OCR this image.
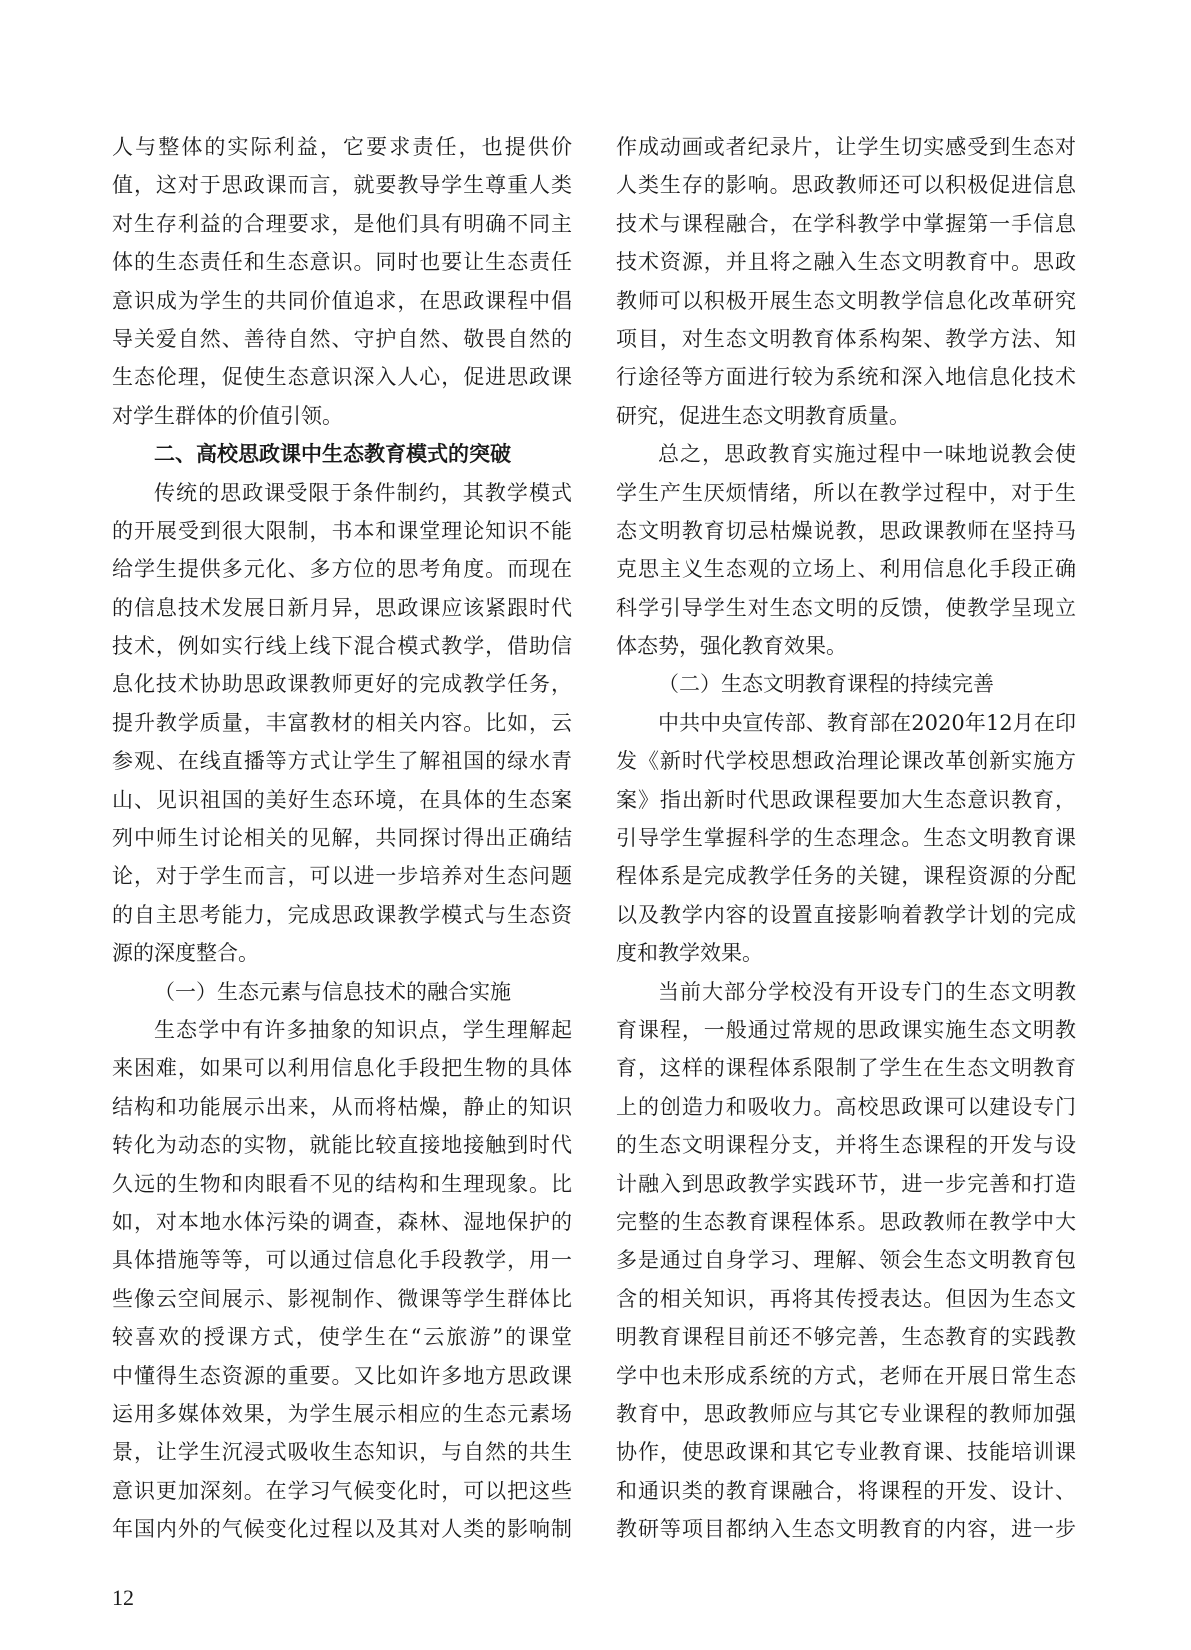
人与整体的实际利益，它要求责任，也提供价
值，这对于思政课而言，就要教导学生尊重人类
对生存利益的合理要求，是他们具有明确不同主
体的生态责任和生态意识。同时也要让生态责任
意识成为学生的共同价值追求，在思政课程中倡
导关爱自然、善待自然、守护自然、敬畏自然的
生态伦理，促使生态意识深入人心，促进思政课
对学生群体的价值引领。
二、高校思政课中生态教育模式的突破
传统的思政课受限于条件制约，其教学模式
的开展受到很大限制，书本和课堂理论知识不能
给学生提供多元化、多方位的思考角度。而现在
的信息技术发展日新月异，思政课应该紧跟时代
技术，例如实行线上线下混合模式教学，借助信
息化技术协助思政课教师更好的完成教学任务，
提升教学质量，丰富教材的相关内容。比如，云
参观、在线直播等方式让学生了解祖国的绿水青
山、见识祖国的美好生态环境，在具体的生态案
列中师生讨论相关的见解，共同探讨得出正确结
论，对于学生而言，可以进一步培养对生态问题
的自主思考能力，完成思政课教学模式与生态资
源的深度整合。
（一）生态元素与信息技术的融合实施
生态学中有许多抽象的知识点，学生理解起
来困难，如果可以利用信息化手段把生物的具体
结构和功能展示出来，从而将枯燥，静止的知识
转化为动态的实物，就能比较直接地接触到时代
久远的生物和肉眼看不见的结构和生理现象。比
如，对本地水体污染的调查，森林、湿地保护的
具体措施等等，可以通过信息化手段教学，用一
些像云空间展示、影视制作、微课等学生群体比
较喜欢的授课方式，使学生在“云旅游”的课堂
中懂得生态资源的重要。又比如许多地方思政课
运用多媒体效果，为学生展示相应的生态元素场
景，让学生沉浸式吸收生态知识，与自然的共生
意识更加深刻。在学习气候变化时，可以把这些
年国内外的气候变化过程以及其对人类的影响制
作成动画或者纪录片，让学生切实感受到生态对
人类生存的影响。思政教师还可以积极促进信息
技术与课程融合，在学科教学中掌握第一手信息
技术资源，并且将之融入生态文明教育中。思政
教师可以积极开展生态文明教学信息化改革研究
项目，对生态文明教育体系构架、教学方法、知
行途径等方面进行较为系统和深入地信息化技术
研究，促进生态文明教育质量。
总之，思政教育实施过程中一味地说教会使
学生产生厌烦情绪，所以在教学过程中，对于生
态文明教育切忌枯燥说教，思政课教师在坚持马
克思主义生态观的立场上、利用信息化手段正确
科学引导学生对生态文明的反馈，使教学呈现立
体态势，强化教育效果。
（二）生态文明教育课程的持续完善
中共中央宣传部、教育部在2020年12月在印
发《新时代学校思想政治理论课改革创新实施方
案》指出新时代思政课程要加大生态意识教育，
引导学生掌握科学的生态理念。生态文明教育课
程体系是完成教学任务的关键，课程资源的分配
以及教学内容的设置直接影响着教学计划的完成
度和教学效果。
当前大部分学校没有开设专门的生态文明教
育课程，一般通过常规的思政课实施生态文明教
育，这样的课程体系限制了学生在生态文明教育
上的创造力和吸收力。高校思政课可以建设专门
的生态文明课程分支，并将生态课程的开发与设
计融入到思政教学实践环节，进一步完善和打造
完整的生态教育课程体系。思政教师在教学中大
多是通过自身学习、理解、领会生态文明教育包
含的相关知识，再将其传授表达。但因为生态文
明教育课程目前还不够完善，生态教育的实践教
学中也未形成系统的方式，老师在开展日常生态
教育中，思政教师应与其它专业课程的教师加强
协作，使思政课和其它专业教育课、技能培训课
和通识类的教育课融合，将课程的开发、设计、
教研等项目都纳入生态文明教育的内容，进一步
12
